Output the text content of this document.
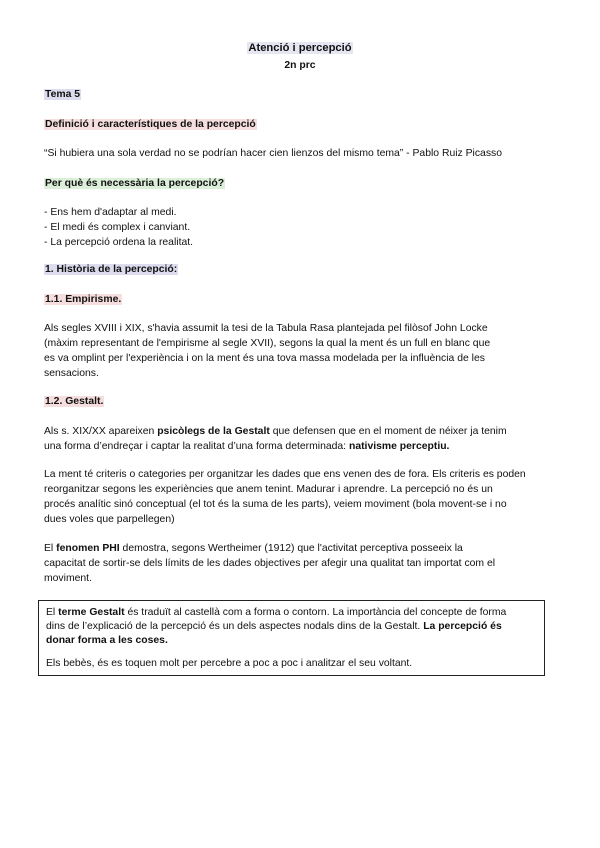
Atenció i percepció
2n prc
Tema 5
Definició i característiques de la percepció
“Si hubiera una sola verdad no se podrían hacer cien lienzos del mismo tema” - Pablo Ruiz Picasso
Per què és necessària la percepció?

- Ens hem d'adaptar al medi.

- El medi és complex i canviant.

- La percepció ordena la realitat.

1. Història de la percepció:
1.1. Empirisme.

Als segles XVIII i XIX, s'havia assumit la tesi de la Tabula Rasa plantejada pel filòsof John Locke

(màxim representant de l'empirisme al segle XVII), segons la qual la ment és un full en blanc que

es va omplint per l'experiència i on la ment és una tova massa modelada per la influència de les

sensacions.

1.2. Gestalt.

Als s. XIX/XX apareixen psicòlegs de la Gestalt que defensen que en el moment de néixer ja tenim

una forma d’endreçar i captar la realitat d’una forma determinada: nativisme perceptiu.

La ment té criteris o categories per organitzar les dades que ens venen des de fora. Els criteris es poden

reorganitzar segons les experiències que anem tenint. Madurar i aprendre. La percepció no és un

procés analític sinó conceptual (el tot és la suma de les parts), veiem moviment (bola movent-se i no

dues voles que parpellegen)

El fenomen PHI demostra, segons Wertheimer (1912) que l'activitat perceptiva posseeix la

capacitat de sortir-se dels límits de les dades objectives per afegir una qualitat tan importat com el

moviment.

El terme Gestalt és traduït al castellà com a forma o contorn. La importància del concepte de forma
dins de l’explicació de la percepció és un dels aspectes nodals dins de la Gestalt. La percepció és
donar forma a les coses.
Els bebès, és es toquen molt per percebre a poc a poc i analitzar el seu voltant.
